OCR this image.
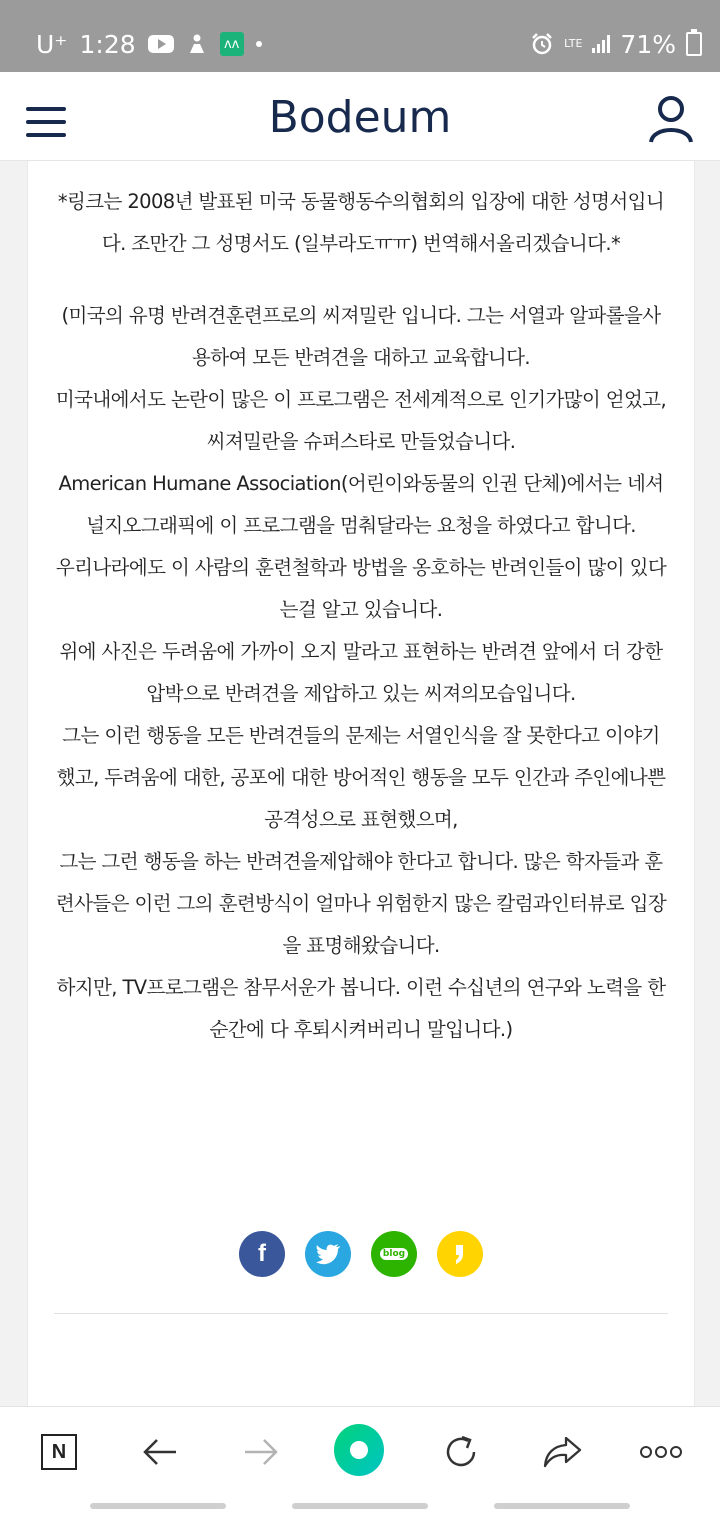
U⁺ 1:28	ʌʌ	LTE 71%
Bodeum

*링크는 2008년 발표된 미국 동물행동수의협회의 입장에 대한 성명서입니다. 조만간 그 성명서도 (일부라도ㅠㅠ) 번역해서올리겠습니다.*

(미국의 유명 반려견훈련프로의 씨져밀란 입니다. 그는 서열과 알파롤을사용하여 모든 반려견을 대하고 교육합니다.

미국내에서도 논란이 많은 이 프로그램은 전세계적으로 인기가많이 얻었고, 씨져밀란을 슈퍼스타로 만들었습니다.

American Humane Association(어린이와동물의 인권 단체)에서는 네셔널지오그래픽에 이 프로그램을 멈춰달라는 요청을 하였다고 합니다.

우리나라에도 이 사람의 훈련철학과 방법을 옹호하는 반려인들이 많이 있다는걸 알고 있습니다.

위에 사진은 두려움에 가까이 오지 말라고 표현하는 반려견 앞에서 더 강한 압박으로 반려견을 제압하고 있는 씨져의모습입니다.

그는 이런 행동을 모든 반려견들의 문제는 서열인식을 잘 못한다고 이야기했고, 두려움에 대한, 공포에 대한 방어적인 행동을 모두 인간과 주인에나쁜 공격성으로 표현했으며,

그는 그런 행동을 하는 반려견을제압해야 한다고 합니다. 많은 학자들과 훈련사들은 이런 그의 훈련방식이 얼마나 위험한지 많은 칼럼과인터뷰로 입장을 표명해왔습니다.

하지만, TV프로그램은 참무서운가 봅니다. 이런 수십년의 연구와 노력을 한 순간에 다 후퇴시켜버리니 말입니다.)

f	blog
N
